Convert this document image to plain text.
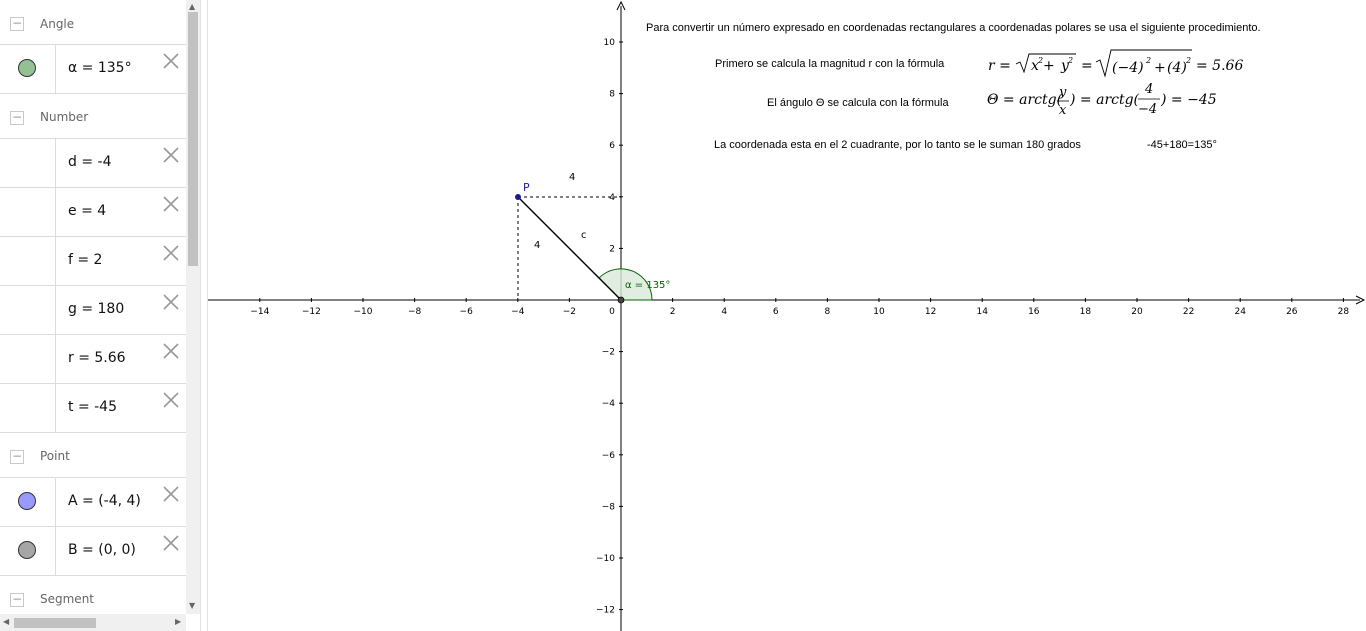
− Angle
α = 135°
− Number
d = -4
e = 4
f = 2
g = 180
r = 5.66
t = -45
− Point
A = (-4, 4)
B = (0, 0)
− Segment
▲
▼
◀	▶
−14	−12	−10	−8	−6	−4	−2	0	2	4	6	8	10	12	14	16	18	20	22	24	26	28
10
8
6
4
2
−2
−4
−6
−8
−10
−12
α = 135°
c
4
4
P
Para convertir un número expresado en coordenadas rectangulares a coordenadas polares se usa el siguiente procedimiento.
Primero se calcula la magnitud r con la fórmula
El ángulo Θ se calcula con la fórmula
La coordenada esta en el 2 cuadrante, por lo tanto se le suman 180 grados	-45+180=135°
r = x 2 + y 2 = (−4) 2 + (4) 2 = 5.66
Θ = arctg(
y
x
) = arctg(
4
−4
) = −45
